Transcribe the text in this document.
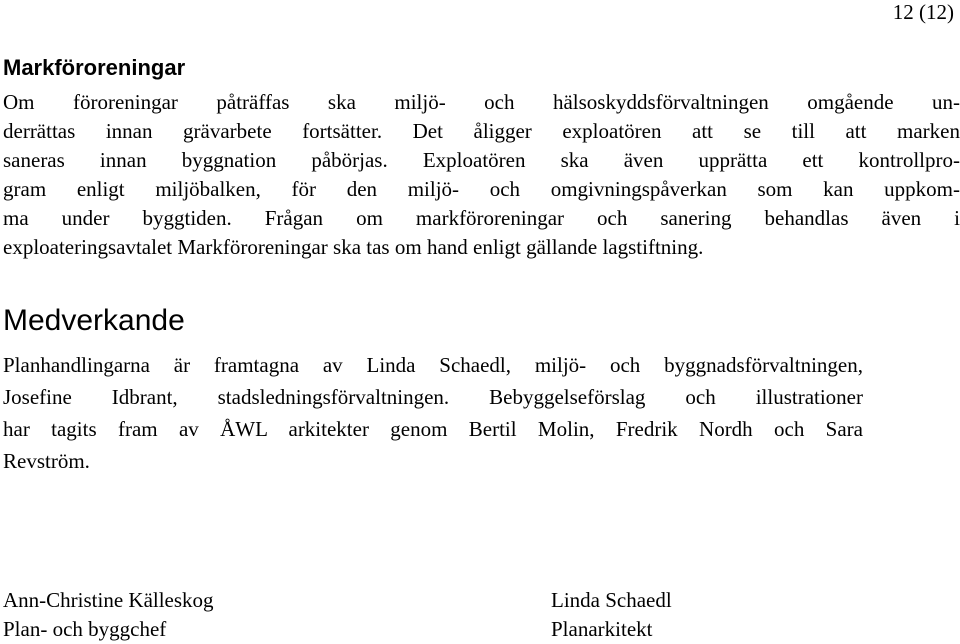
12 (12)
Markföroreningar
Om föroreningar påträffas ska miljö- och hälsoskyddsförvaltningen omgående un-
derrättas innan grävarbete fortsätter. Det åligger exploatören att se till att marken
saneras innan byggnation påbörjas. Exploatören ska även upprätta ett kontrollpro-
gram enligt miljöbalken, för den miljö- och omgivningspåverkan som kan uppkom-
ma under byggtiden. Frågan om markföroreningar och sanering behandlas även i
exploateringsavtalet Markföroreningar ska tas om hand enligt gällande lagstiftning.
Medverkande
Planhandlingarna är framtagna av Linda Schaedl, miljö- och byggnadsförvaltningen,
Josefine Idbrant, stadsledningsförvaltningen. Bebyggelseförslag och illustrationer
har tagits fram av ÅWL arkitekter genom Bertil Molin, Fredrik Nordh och Sara
Revström.
Ann-Christine Källeskog
Plan- och byggchef
Linda Schaedl
Planarkitekt
